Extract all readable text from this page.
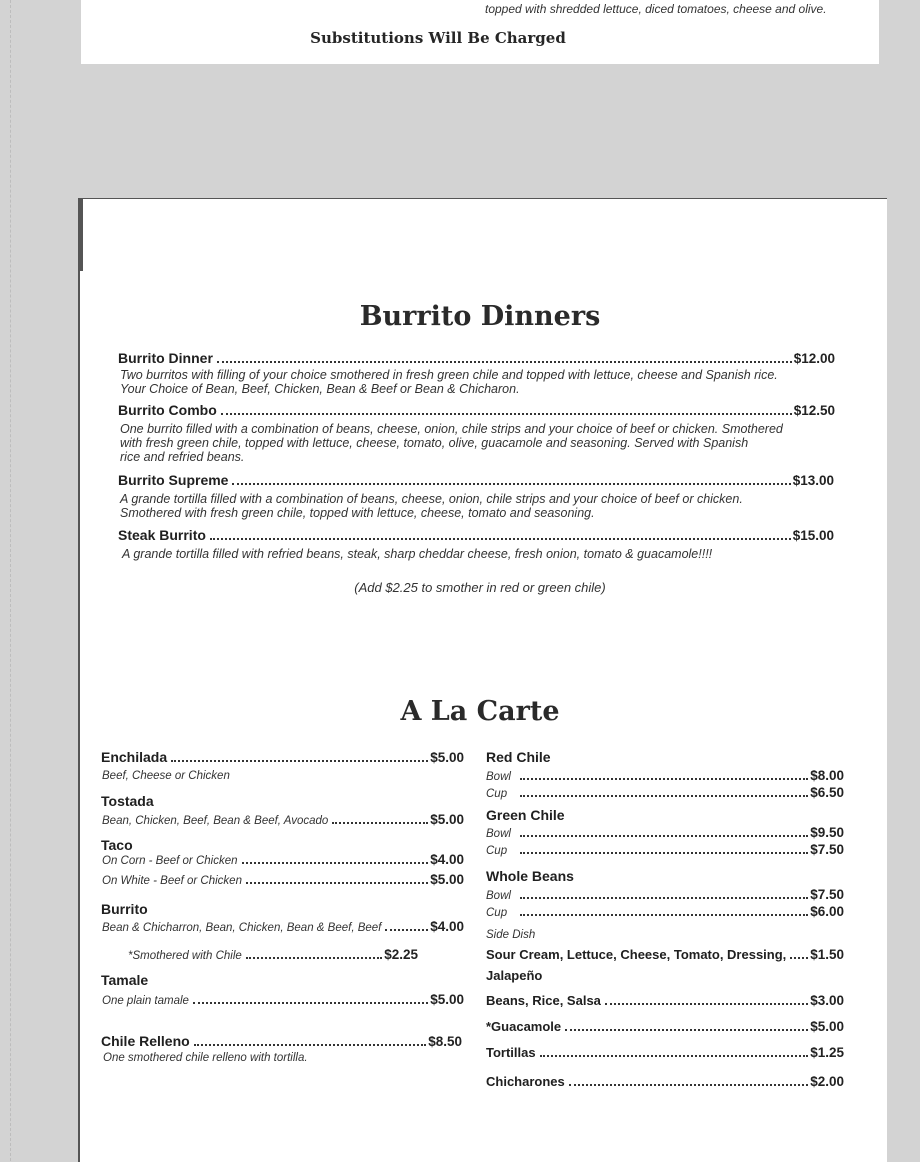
topped with shredded lettuce, diced tomatoes, cheese and olive.
Substitutions Will Be Charged
Burrito Dinners
Burrito Dinner	$12.00
Two burritos with filling of your choice smothered in fresh green chile and topped with lettuce, cheese and Spanish rice.
Your Choice of Bean, Beef, Chicken, Bean & Beef or Bean & Chicharon.
Burrito Combo	$12.50
One burrito filled with a combination of beans, cheese, onion, chile strips and your choice of beef or chicken. Smothered
with fresh green chile, topped with lettuce, cheese, tomato, olive, guacamole and seasoning. Served with Spanish
rice and refried beans.
Burrito Supreme	$13.00
A grande tortilla filled with a combination of beans, cheese, onion, chile strips and your choice of beef or chicken.
Smothered with fresh green chile, topped with lettuce, cheese, tomato and seasoning.
Steak Burrito	$15.00
A grande tortilla filled with refried beans, steak, sharp cheddar cheese, fresh onion, tomato & guacamole!!!!
(Add $2.25 to smother in red or green chile)
A La Carte
Enchilada	$5.00
Beef, Cheese or Chicken
Tostada
Bean, Chicken, Beef, Bean & Beef, Avocado	$5.00
Taco
On Corn - Beef or Chicken	$4.00
On White - Beef or Chicken	$5.00
Burrito
Bean & Chicharron, Bean, Chicken, Bean & Beef, Beef	$4.00
*Smothered with Chile	$2.25
Tamale
One plain tamale	$5.00
Chile Relleno	$8.50
One smothered chile relleno with tortilla.
Red Chile
Bowl	$8.00
Cup	$6.50
Green Chile
Bowl	$9.50
Cup	$7.50
Whole Beans
Bowl	$7.50
Cup	$6.00
Side Dish
Sour Cream, Lettuce, Cheese, Tomato, Dressing, $1.50
Jalapeño
Beans, Rice, Salsa	$3.00
*Guacamole	$5.00
Tortillas	$1.25
Chicharones	$2.00
